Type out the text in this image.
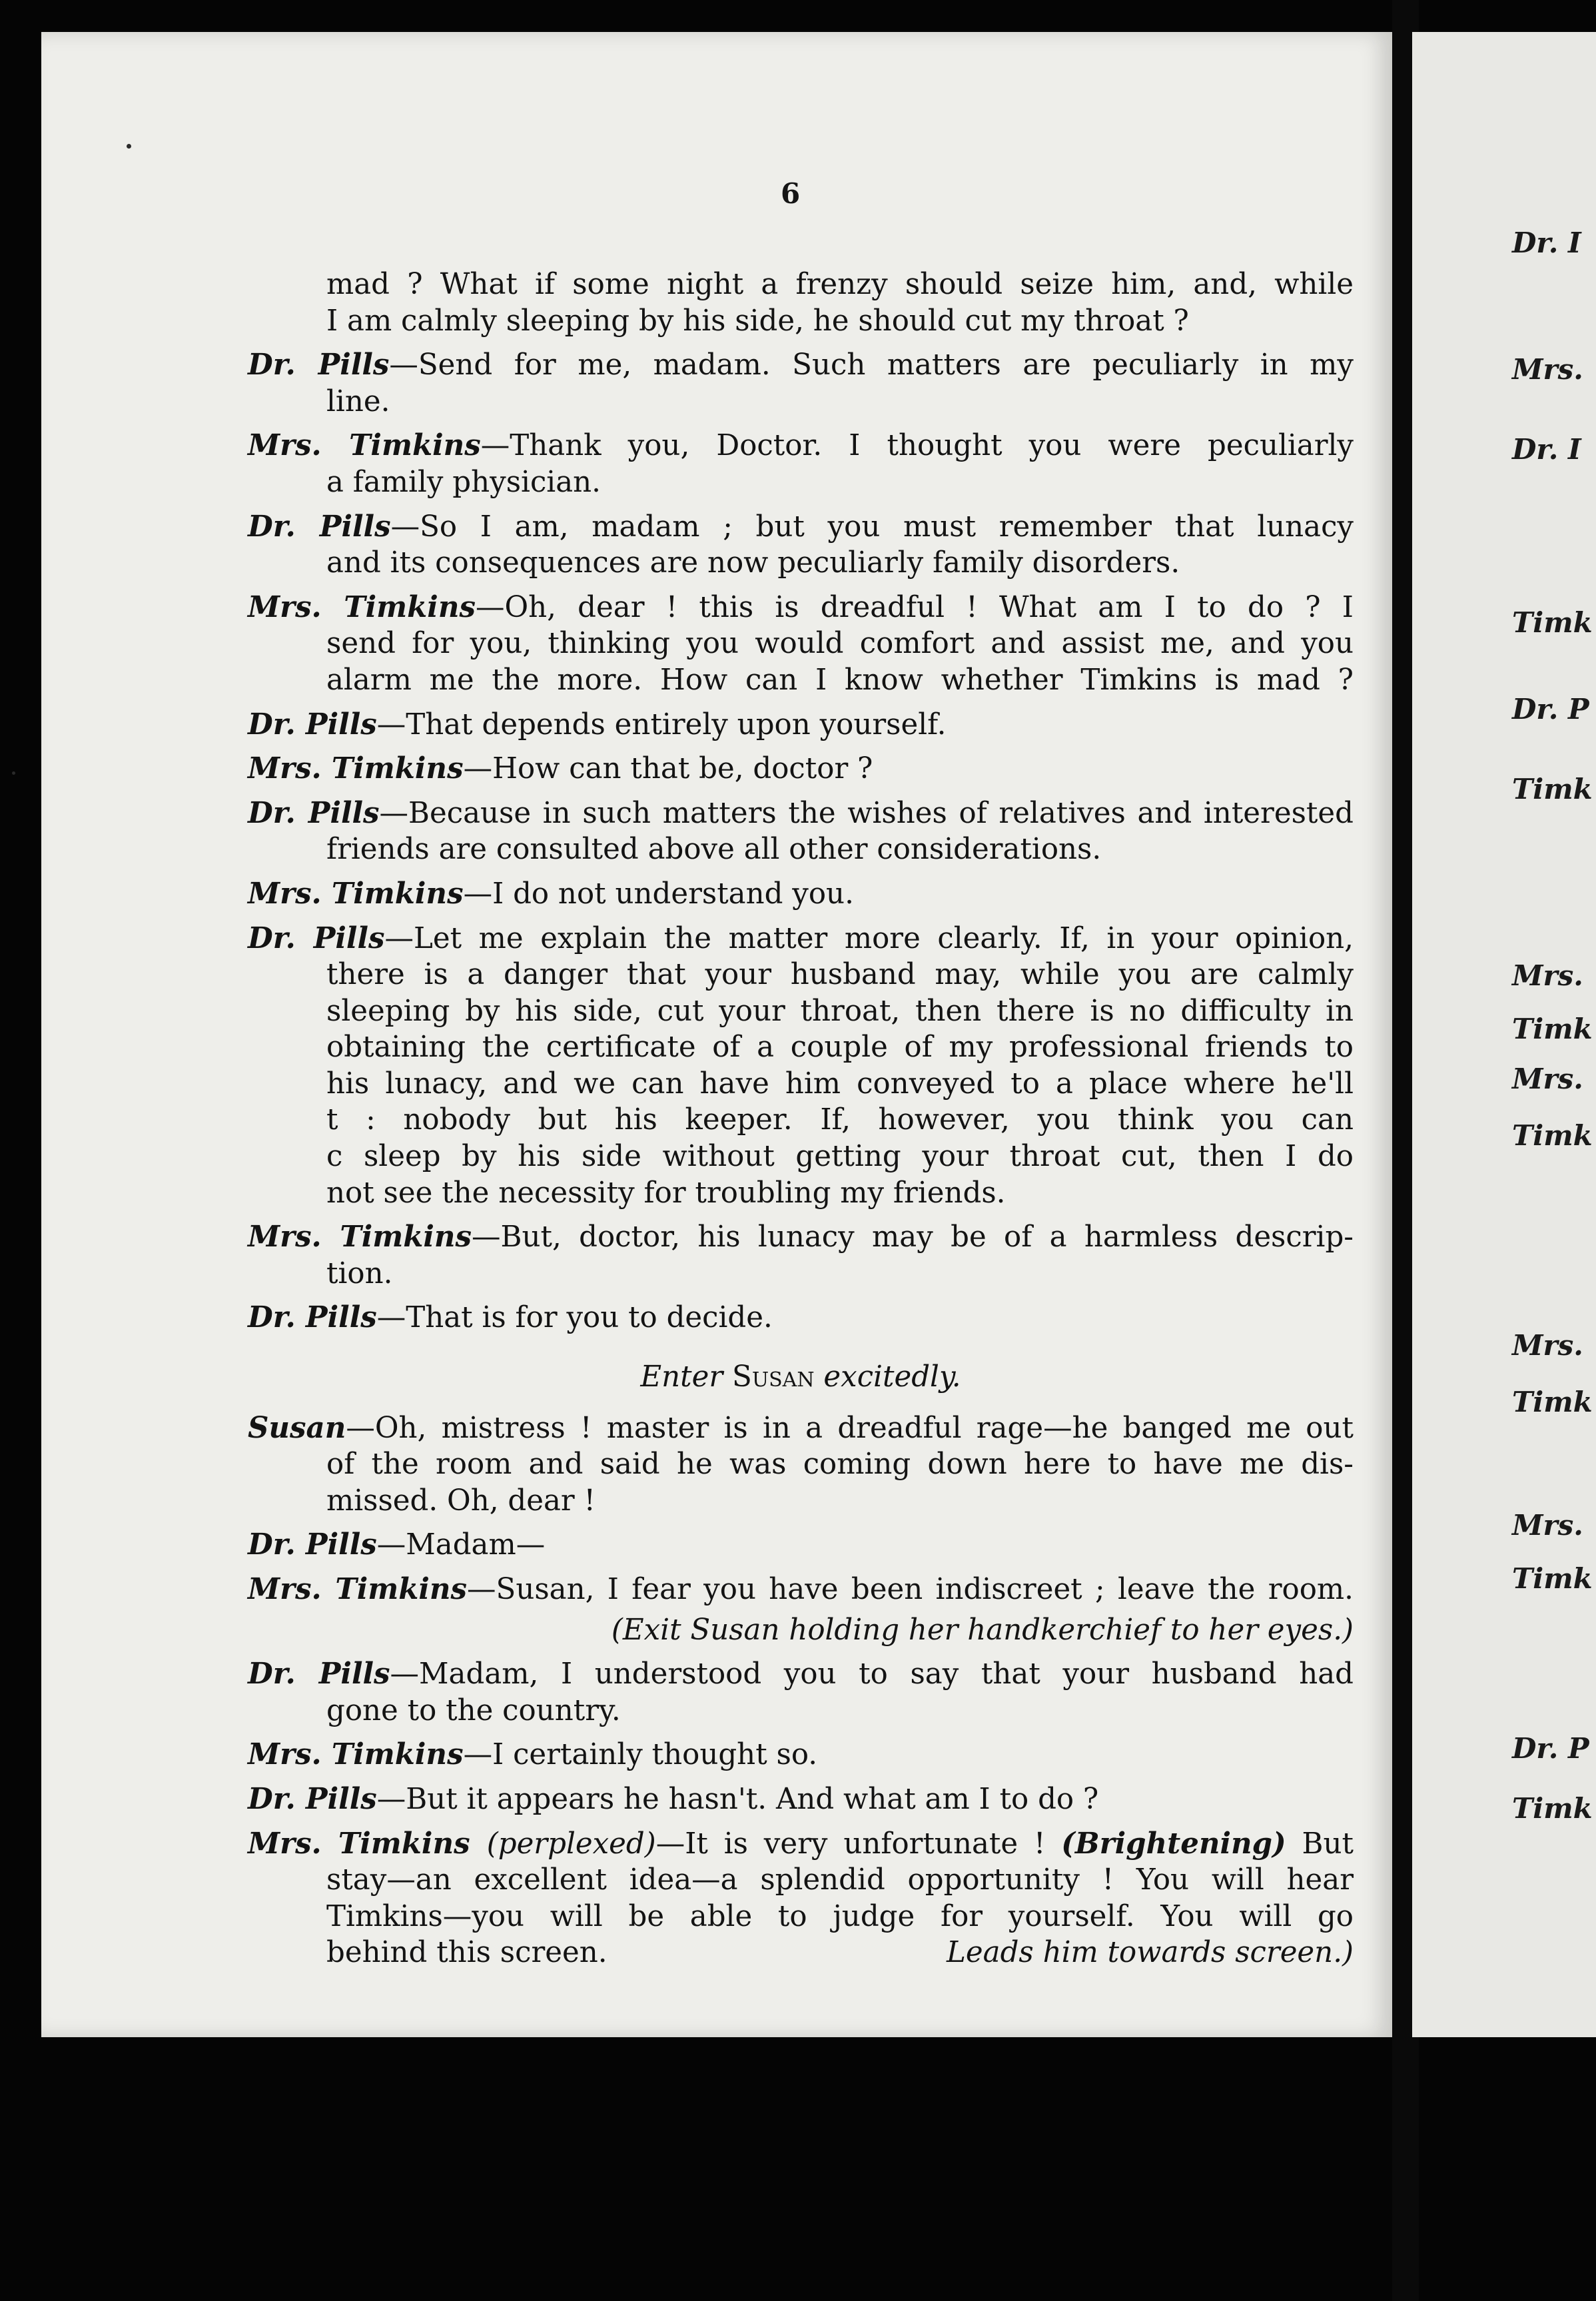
6
mad ? What if some night a frenzy should seize him, and, while
I am calmly sleeping by his side, he should cut my throat ?
Dr. Pills—Send for me, madam. Such matters are peculiarly in my
line.
Mrs. Timkins—Thank you, Doctor. I thought you were peculiarly
a family physician.
Dr. Pills—So I am, madam ; but you must remember that lunacy
and its consequences are now peculiarly family disorders.
Mrs. Timkins—Oh, dear ! this is dreadful ! What am I to do ? I
send for you, thinking you would comfort and assist me, and you
alarm me the more. How can I know whether Timkins is mad ?
Dr. Pills—That depends entirely upon yourself.
Mrs. Timkins—How can that be, doctor ?
Dr. Pills—Because in such matters the wishes of relatives and interested
friends are consulted above all other considerations.
Mrs. Timkins—I do not understand you.
Dr. Pills—Let me explain the matter more clearly. If, in your opinion,
there is a danger that your husband may, while you are calmly
sleeping by his side, cut your throat, then there is no difficulty in
obtaining the certificate of a couple of my professional friends to
his lunacy, and we can have him conveyed to a place where he'll
t : nobody but his keeper. If, however, you think you can
c sleep by his side without getting your throat cut, then I do
not see the necessity for troubling my friends.
Mrs. Timkins—But, doctor, his lunacy may be of a harmless descrip-
tion.
Dr. Pills—That is for you to decide.
Enter Susan excitedly.
Susan—Oh, mistress ! master is in a dreadful rage—he banged me out
of the room and said he was coming down here to have me dis-
missed. Oh, dear !
Dr. Pills—Madam—
Mrs. Timkins—Susan, I fear you have been indiscreet ; leave the room.
(Exit Susan holding her handkerchief to her eyes.)
Dr. Pills—Madam, I understood you to say that your husband had
gone to the country.
Mrs. Timkins—I certainly thought so.
Dr. Pills—But it appears he hasn't. And what am I to do ?
Mrs. Timkins (perplexed)—It is very unfortunate ! (Brightening) But
stay—an excellent idea—a splendid opportunity ! You will hear
Timkins—you will be able to judge for yourself. You will go
behind this screen.	Leads him towards screen.)
Dr. I
Mrs.
Dr. I
Timk
Dr. P
Timk
Mrs.
Timk
Mrs.
Timk
Mrs.
Timk
Mrs.
Timk
Dr. P
Timk
